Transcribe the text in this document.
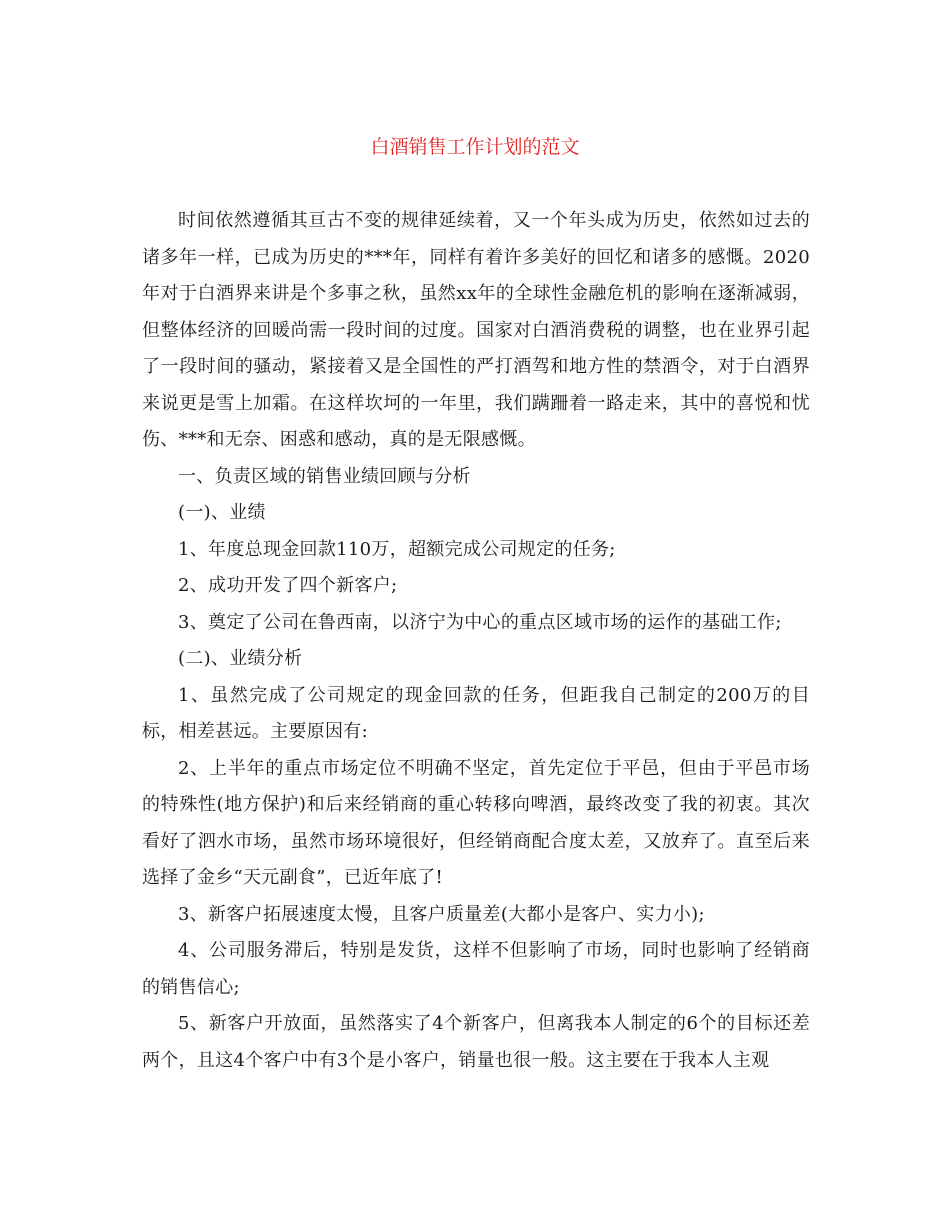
白酒销售工作计划的范文

时间依然遵循其亘古不变的规律延续着，又一个年头成为历史，依然如过去的诸多年一样，已成为历史的***年，同样有着许多美好的回忆和诸多的感慨。2020年对于白酒界来讲是个多事之秋，虽然xx年的全球性金融危机的影响在逐渐减弱，但整体经济的回暖尚需一段时间的过度。国家对白酒消费税的调整，也在业界引起了一段时间的骚动，紧接着又是全国性的严打酒驾和地方性的禁酒令，对于白酒界来说更是雪上加霜。在这样坎坷的一年里，我们蹒跚着一路走来，其中的喜悦和忧伤、***和无奈、困惑和感动，真的是无限感慨。

一、负责区域的销售业绩回顾与分析

(一)、业绩

1、年度总现金回款110万，超额完成公司规定的任务;

2、成功开发了四个新客户;

3、奠定了公司在鲁西南，以济宁为中心的重点区域市场的运作的基础工作;

(二)、业绩分析

1、虽然完成了公司规定的现金回款的任务，但距我自己制定的200万的目标，相差甚远。主要原因有:

2、上半年的重点市场定位不明确不坚定，首先定位于平邑，但由于平邑市场的特殊性(地方保护)和后来经销商的重心转移向啤酒，最终改变了我的初衷。其次看好了泗水市场，虽然市场环境很好，但经销商配合度太差，又放弃了。直至后来选择了金乡“天元副食”，已近年底了!

3、新客户拓展速度太慢，且客户质量差(大都小是客户、实力小);

4、公司服务滞后，特别是发货，这样不但影响了市场，同时也影响了经销商的销售信心;

5、新客户开放面，虽然落实了4个新客户，但离我本人制定的6个的目标还差两个，且这4个客户中有3个是小客户，销量也很一般。这主要在于我本人主观
